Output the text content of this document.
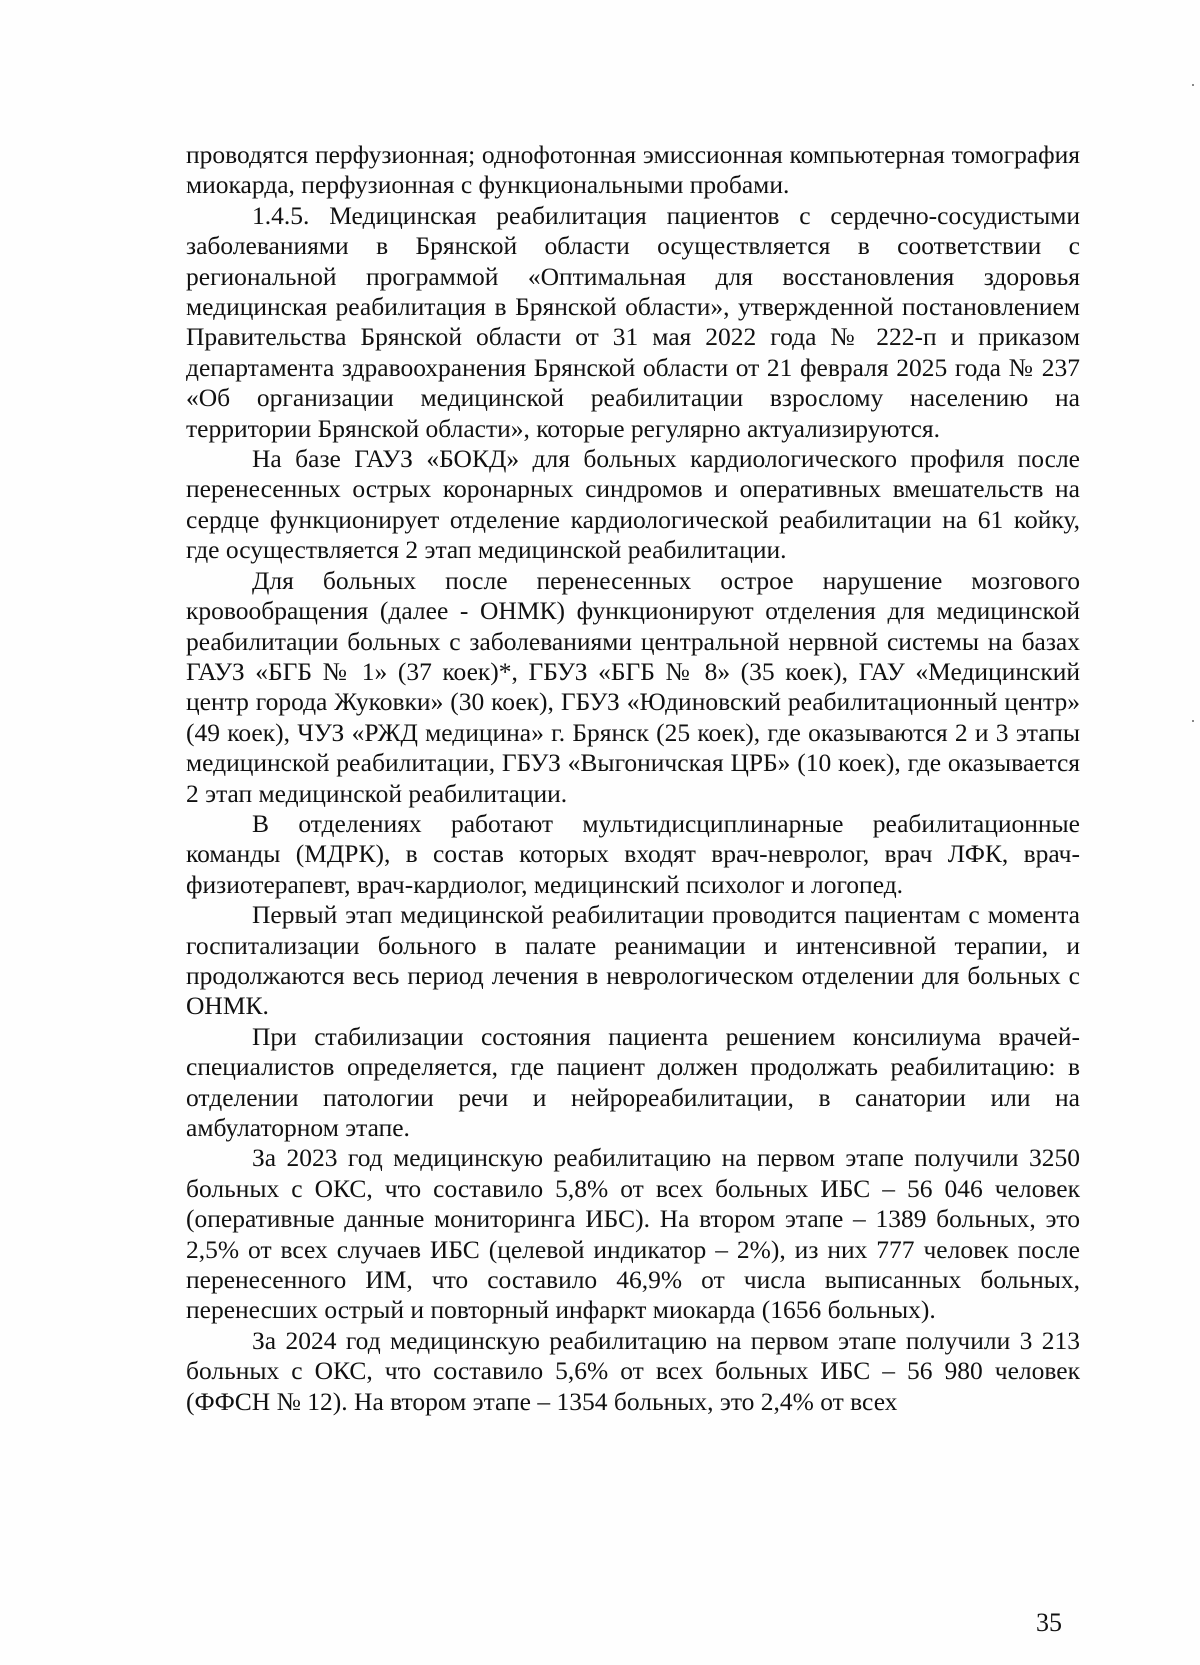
проводятся перфузионная; однофотонная эмиссионная компьютерная томография миокарда, перфузионная с функциональными пробами.

1.4.5. Медицинская реабилитация пациентов с сердечно-сосудистыми заболеваниями в Брянской области осуществляется в соответствии с региональной программой «Оптимальная для восстановления здоровья медицинская реабилитация в Брянской области», утвержденной постановлением Правительства Брянской области от 31 мая 2022 года № 222-п и приказом департамента здравоохранения Брянской области от 21 февраля 2025 года № 237 «Об организации медицинской реабилитации взрослому населению на территории Брянской области», которые регулярно актуализируются.

На базе ГАУЗ «БОКД» для больных кардиологического профиля после перенесенных острых коронарных синдромов и оперативных вмешательств на сердце функционирует отделение кардиологической реабилитации на 61 койку, где осуществляется 2 этап медицинской реабилитации.

Для больных после перенесенных острое нарушение мозгового кровообращения (далее - ОНМК) функционируют отделения для медицинской реабилитации больных с заболеваниями центральной нервной системы на базах ГАУЗ «БГБ № 1» (37 коек)*, ГБУЗ «БГБ № 8» (35 коек), ГАУ «Медицинский центр города Жуковки» (30 коек), ГБУЗ «Юдиновский реабилитационный центр» (49 коек), ЧУЗ «РЖД медицина» г. Брянск (25 коек), где оказываются 2 и 3 этапы медицинской реабилитации, ГБУЗ «Выгоничская ЦРБ» (10 коек), где оказывается 2 этап медицинской реабилитации.

В отделениях работают мультидисциплинарные реабилитационные команды (МДРК), в состав которых входят врач-невролог, врач ЛФК, врач-физиотерапевт, врач-кардиолог, медицинский психолог и логопед.

Первый этап медицинской реабилитации проводится пациентам с момента госпитализации больного в палате реанимации и интенсивной терапии, и продолжаются весь период лечения в неврологическом отделении для больных с ОНМК.

При стабилизации состояния пациента решением консилиума врачей-специалистов определяется, где пациент должен продолжать реабилитацию: в отделении патологии речи и нейрореабилитации, в санатории или на амбулаторном этапе.

За 2023 год медицинскую реабилитацию на первом этапе получили 3250 больных с ОКС, что составило 5,8% от всех больных ИБС – 56 046 человек (оперативные данные мониторинга ИБС). На втором этапе – 1389 больных, это 2,5% от всех случаев ИБС (целевой индикатор – 2%), из них 777 человек после перенесенного ИМ, что составило 46,9% от числа выписанных больных, перенесших острый и повторный инфаркт миокарда (1656 больных).

За 2024 год медицинскую реабилитацию на первом этапе получили 3 213 больных с ОКС, что составило 5,6% от всех больных ИБС – 56 980 человек (ФФСН № 12). На втором этапе – 1354 больных, это 2,4% от всех

35
